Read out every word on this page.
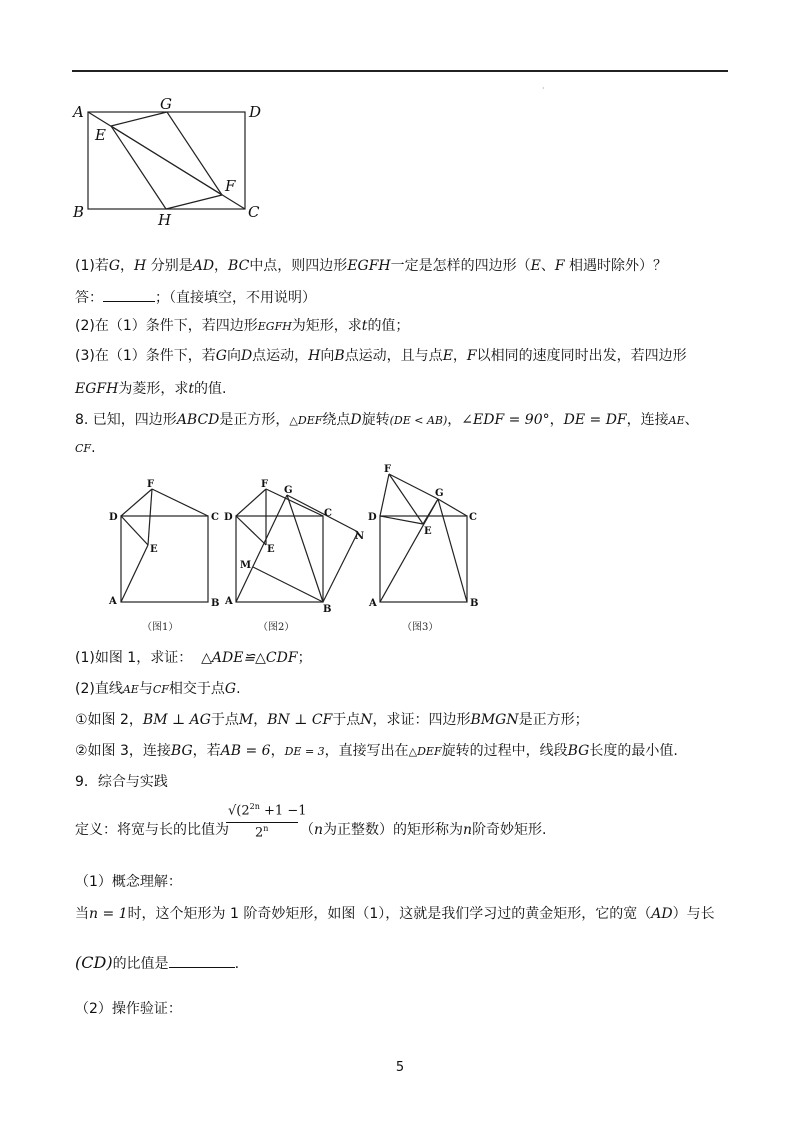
·
A	G	D
E
F
B	H	C
(1)若G，H 分别是AD，BC中点，则四边形EGFH一定是怎样的四边形（E、F 相遇时除外）？
答：	；（直接填空，不用说明）
(2)在（1）条件下，若四边形EGFH为矩形，求t的值；
(3)在（1）条件下，若G向D点运动，H向B点运动，且与点E，F以相同的速度同时出发，若四边形
EGFH为菱形，求t的值.
8. 已知，四边形ABCD是正方形，△DEF绕点D旋转(DE < AB)，∠EDF = 90°，DE = DF，连接AE、
CF.
F
D	C
E
A	B
F
G
D	C
E
N
M
A
B
F
G
D	C
E
A	B
（图1）	（图2）	（图3）
(1)如图 1，求证： △ADE≌△CDF；
(2)直线AE与CF相交于点G.
①如图 2，BM ⊥ AG于点M，BN ⊥ CF于点N，求证：四边形BMGN是正方形；
②如图 3，连接BG，若AB = 6，DE = 3，直接写出在△DEF旋转的过程中，线段BG长度的最小值.
9．综合与实践
$√(2^{2n} +1 -1$
2$^n$
定义：将宽与长的比值为	（n为正整数）的矩形称为n阶奇妙矩形.
（1）概念理解：
当n = 1时，这个矩形为 1 阶奇妙矩形，如图（1），这就是我们学习过的黄金矩形，它的宽（AD）与长
(CD)的比值是	.
（2）操作验证：
5
